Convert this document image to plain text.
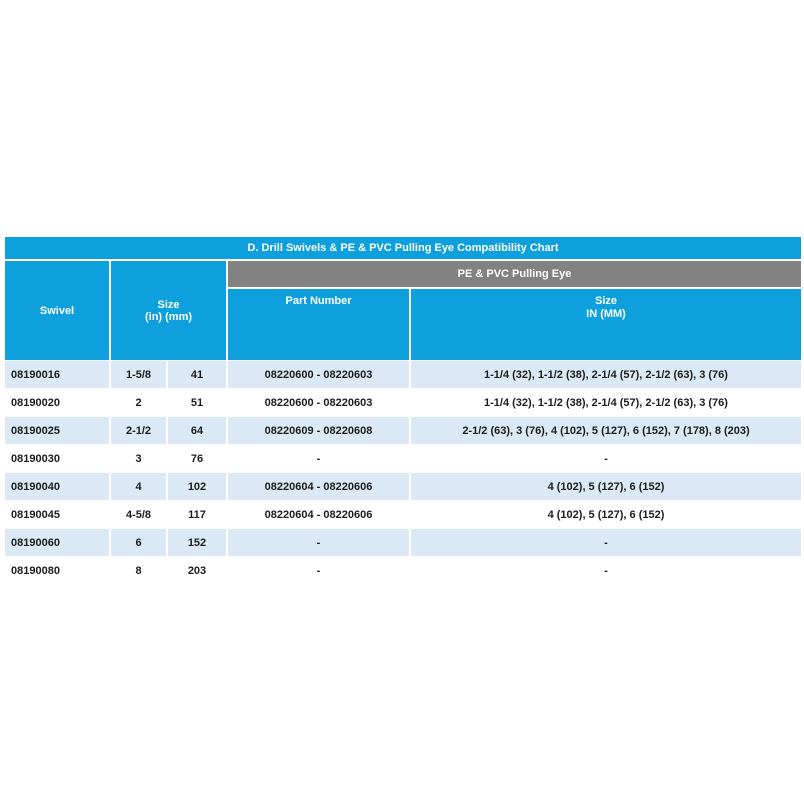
D. Drill Swivels & PE & PVC Pulling Eye Compatibility Chart

Swivel	Size
(in) (mm)		PE & PVC Pulling Eye	
			Part Number	Size
IN (MM)

08190016	1-5/8	41	08220600 - 08220603	1-1/4 (32), 1-1/2 (38), 2-1/4 (57), 2-1/2 (63), 3 (76)
08190020	2	51	08220600 - 08220603	1-1/4 (32), 1-1/2 (38), 2-1/4 (57), 2-1/2 (63), 3 (76)
08190025	2-1/2	64	08220609 - 08220608	2-1/2 (63), 3 (76), 4 (102), 5 (127), 6 (152), 7 (178), 8 (203)
08190030	3	76	-	-
08190040	4	102	08220604 - 08220606	4 (102), 5 (127), 6 (152)
08190045	4-5/8	117	08220604 - 08220606	4 (102), 5 (127), 6 (152)
08190060	6	152	-	-
08190080	8	203	-	-
